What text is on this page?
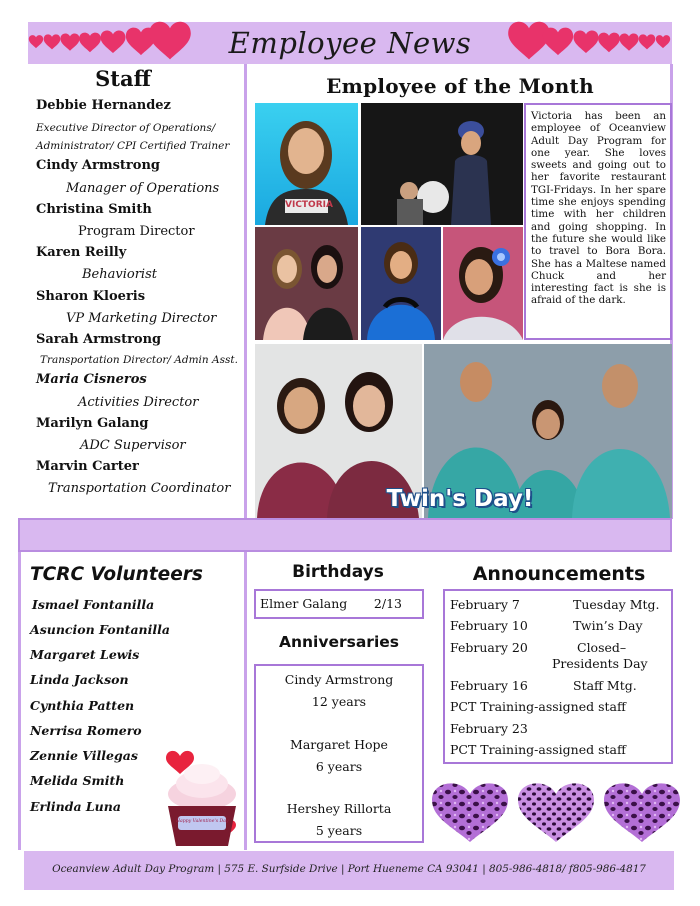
Employee News
Staff
Debbie Hernandez
Executive Director of Operations/ Administrator/ CPI Certified Trainer
Cindy Armstrong
Manager of Operations
Christina Smith
Program Director
Karen Reilly
Behaviorist
Sharon Kloeris
VP Marketing Director
Sarah Armstrong
Transportation Director/ Admin Asst.
Maria Cisneros
Activities Director
Marilyn Galang
ADC Supervisor
Marvin Carter
Transportation Coordinator
Employee of the Month
VICTORIA
Victoria has been an employee of Oceanview Adult Day Program for one year. She loves sweets and going out to her favorite restaurant TGI-Fridays. In her spare time she enjoys spending time with her children and going shopping. In the future she would like to travel to Bora Bora. She has a Maltese named Chuck and her interesting fact is she is afraid of the dark.
Twin's Day!
TCRC Volunteers
Ismael Fontanilla
Asuncion Fontanilla
Margaret Lewis
Linda Jackson
Cynthia Patten
Nerrisa Romero
Zennie Villegas
Melida Smith
Erlinda Luna
Happy Valentine's Day
Birthdays
Elmer Galang 2/13
Anniversaries
Cindy Armstrong
12 years
Margaret Hope
6 years
Hershey Rillorta
5 years
Announcements
February 7	Tuesday Mtg.
February 10	Twin’s Day
February 20	Closed–
Presidents Day
February 16	Staff Mtg.
PCT Training-assigned staff
February 23
PCT Training-assigned staff
Oceanview Adult Day Program | 575 E. Surfside Drive | Port Hueneme CA 93041 | 805-986-4818/ f805-986-4817
